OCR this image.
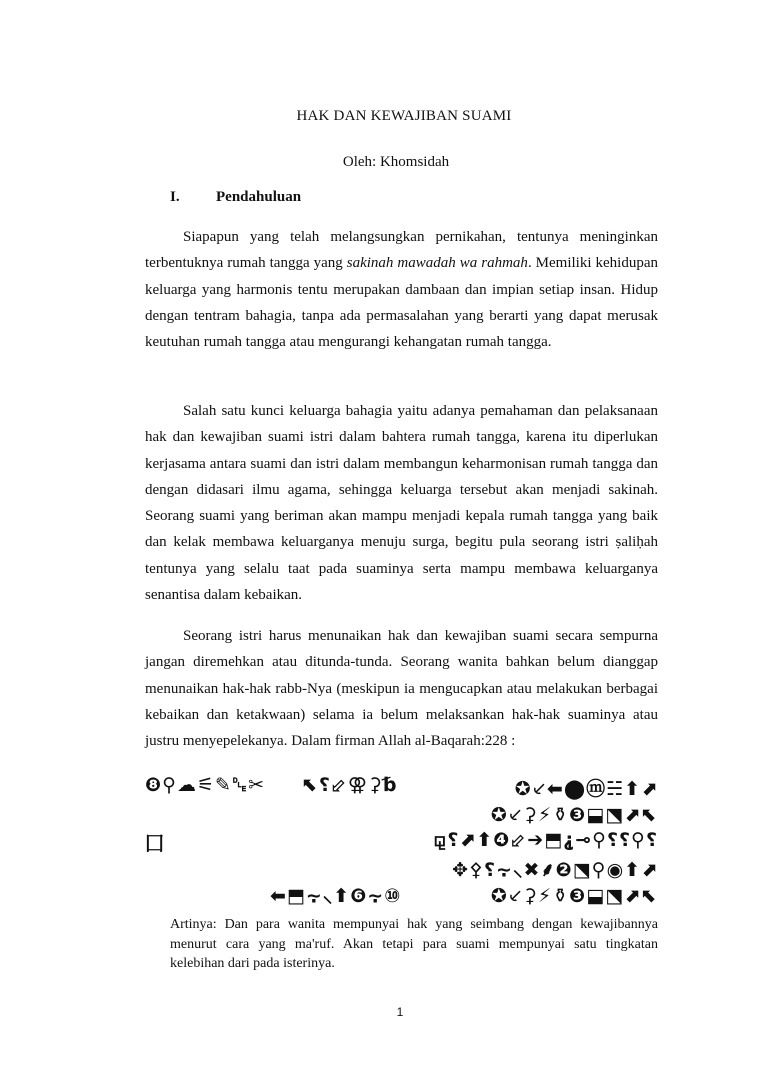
HAK DAN KEWAJIBAN SUAMI
Oleh: Khomsidah
I. Pendahuluan

Siapapun yang telah melangsungkan pernikahan, tentunya meninginkan terbentuknya rumah tangga yang sakinah mawadah wa rahmah. Memiliki kehidupan keluarga yang harmonis tentu merupakan dambaan dan impian setiap insan. Hidup dengan tentram bahagia, tanpa ada permasalahan yang berarti yang dapat merusak keutuhan rumah tangga atau mengurangi kehangatan rumah tangga.

Salah satu kunci keluarga bahagia yaitu adanya pemahaman dan pelaksanaan hak dan kewajiban suami istri dalam bahtera rumah tangga, karena itu diperlukan kerjasama antara suami dan istri dalam membangun keharmonisan rumah tangga dan dengan didasari ilmu agama, sehingga keluarga tersebut akan menjadi sakinah. Seorang suami yang beriman akan mampu menjadi kepala rumah tangga yang baik dan kelak membawa keluarganya menuju surga, begitu pula seorang istri ṣaliḥah tentunya yang selalu taat pada suaminya serta mampu membawa keluarganya senantisa dalam kebaikan.

Seorang istri harus menunaikan hak dan kewajiban suami secara sempurna jangan diremehkan atau ditunda-tunda. Seorang wanita bahkan belum dianggap menunaikan hak-hak rabb-Nya (meskipun ia mengucapkan atau melakukan berbagai kebaikan dan ketakwaan) selama ia belum melaksankan hak-hak suaminya atau justru menyepelekanya. Dalam firman Allah al-Baqarah:228 :

❽⚲☁⚟✎␐✂ ⬉⸮⬃⚢⚳␢	✪⸔⬅⬤ⓜ☵⬆⬈
✪⸔⚳⚡⚱❸⬓⬔⬈⬉
⼞	⚼⸮⬈⬆❹⬃➔⬒⸘⊸⚲⸮⸮⚲⸮
✥⚴⸮⸟⸜✖⸙❷⬔⚲◉⬆⬈
⬅⬒⸟⸜⬆❻⸟⑩	✪⸔⚳⚡⚱❸⬓⬔⬈⬉

Artinya: Dan para wanita mempunyai hak yang seimbang dengan kewajibannya menurut cara yang ma'ruf. Akan tetapi para suami mempunyai satu tingkatan kelebihan dari pada isterinya.

1
